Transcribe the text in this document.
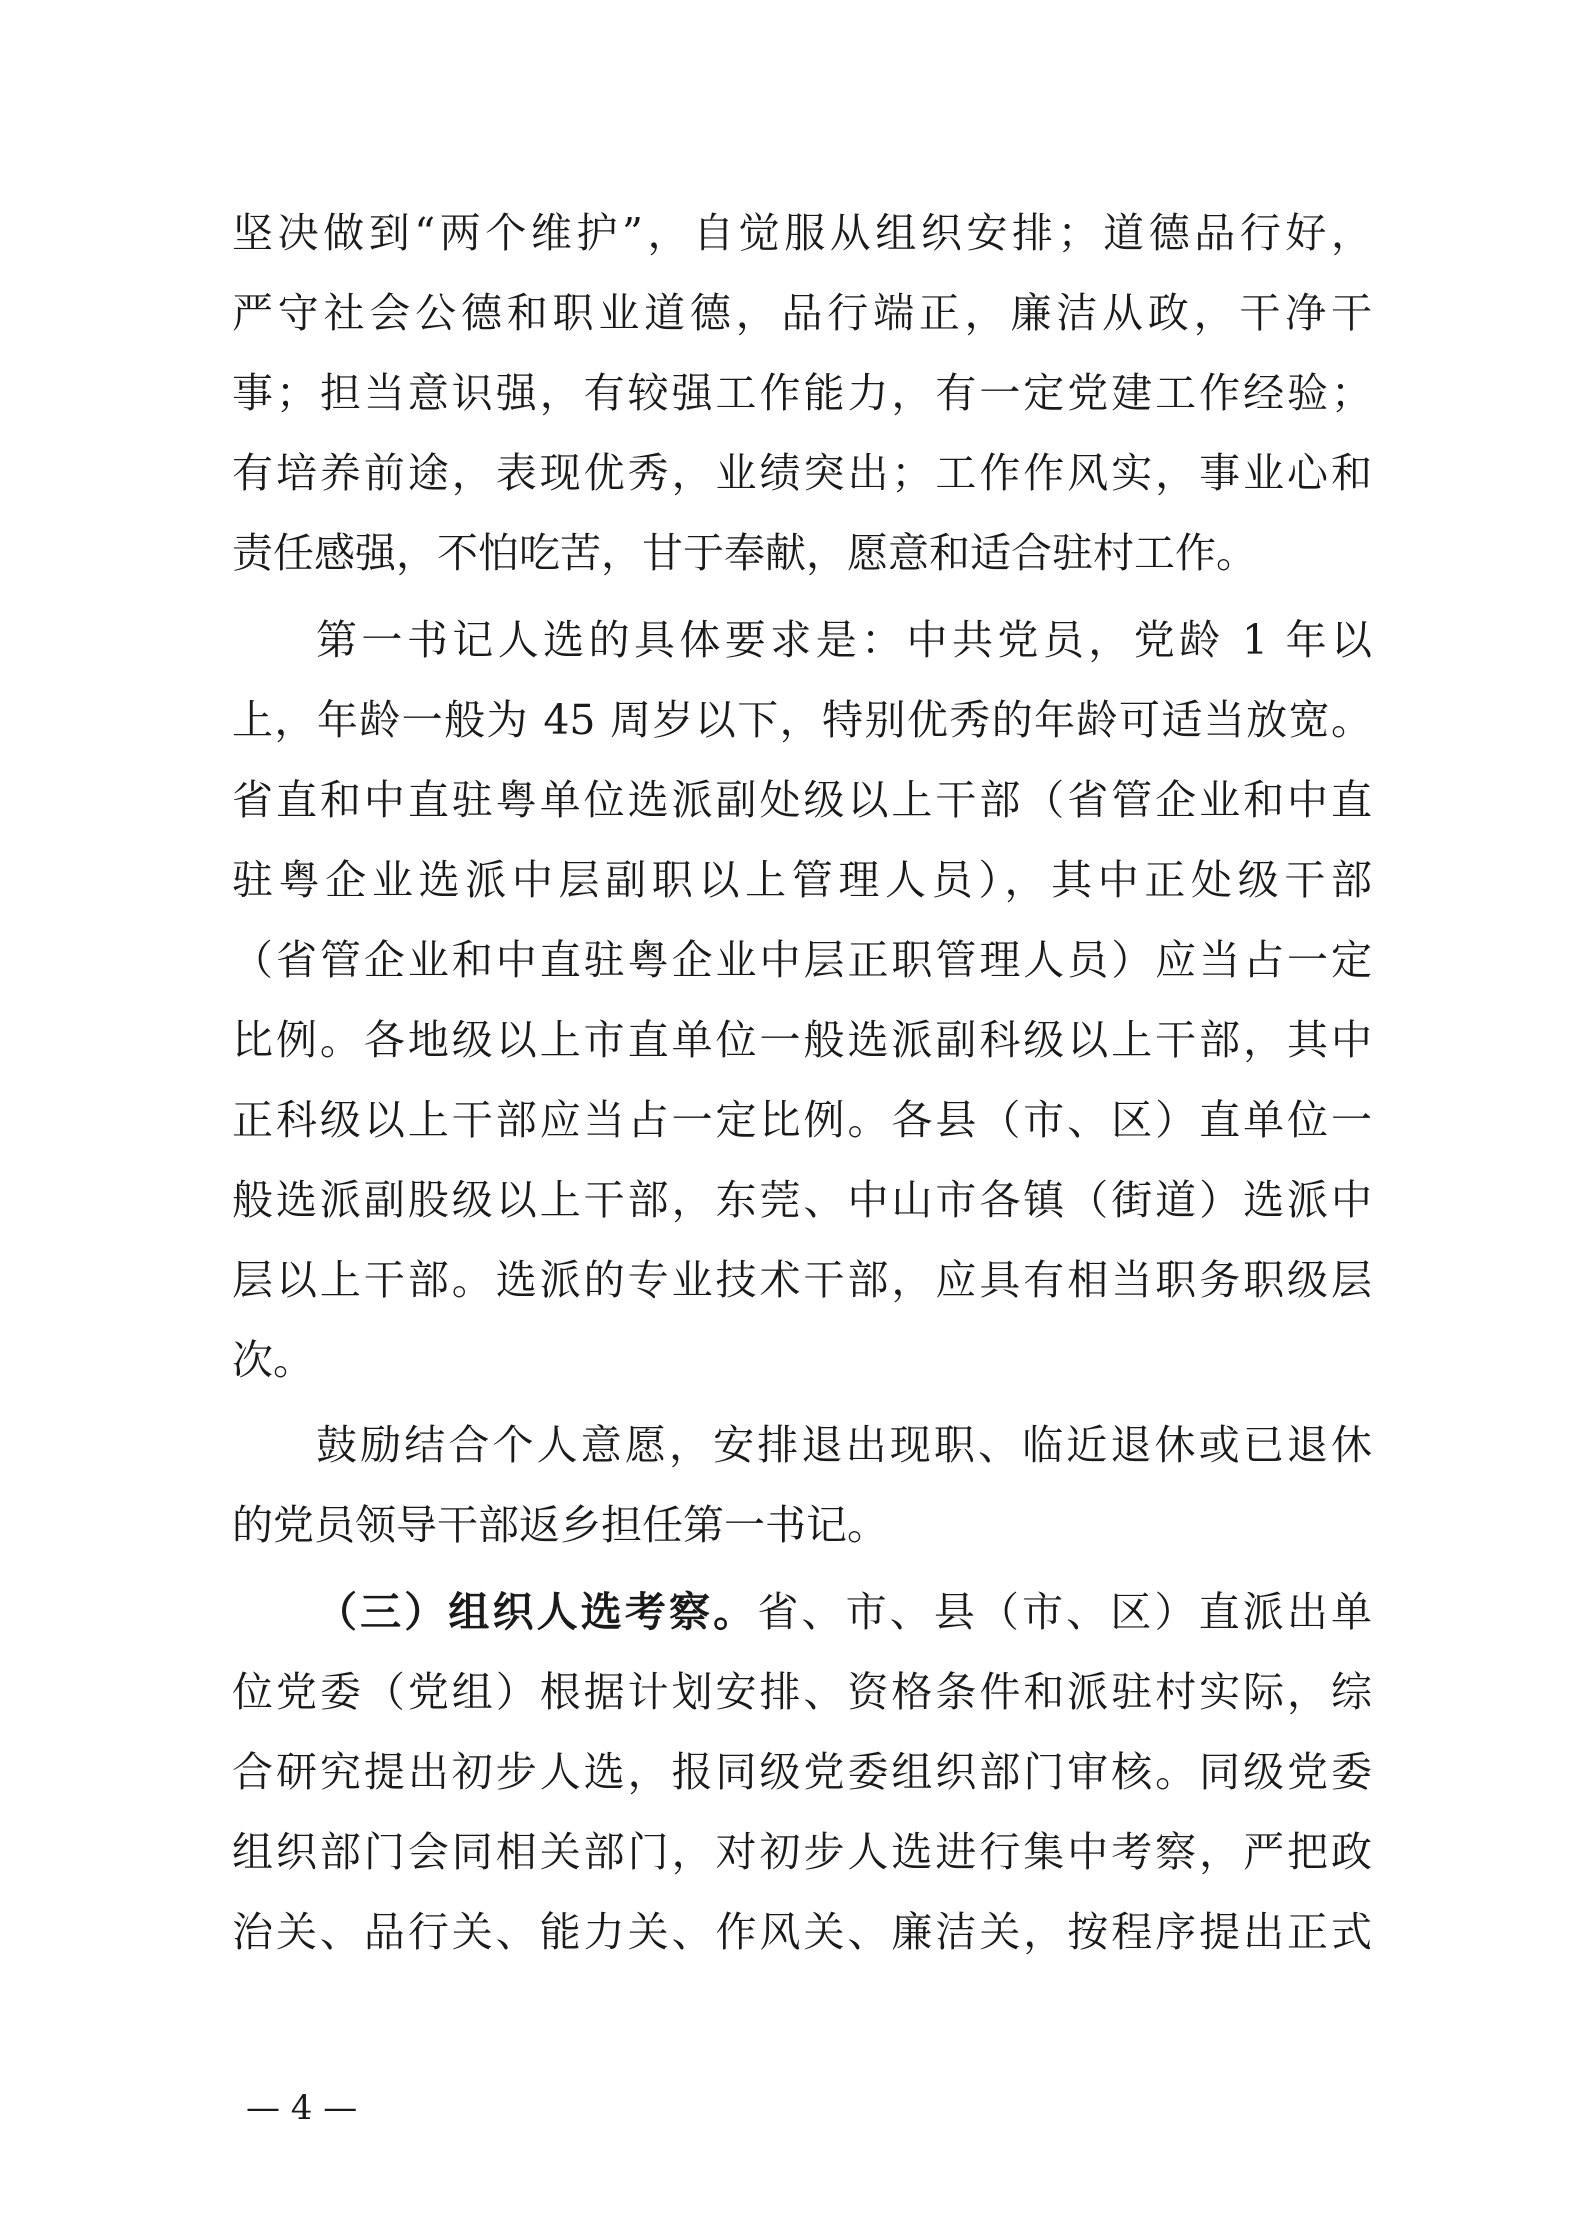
坚决做到“两个维护”，自觉服从组织安排；道德品行好，
严守社会公德和职业道德，品行端正，廉洁从政，干净干
事；担当意识强，有较强工作能力，有一定党建工作经验；
有培养前途，表现优秀，业绩突出；工作作风实，事业心和
责任感强，不怕吃苦，甘于奉献，愿意和适合驻村工作。
第一书记人选的具体要求是：中共党员，党龄 1 年以
上，年龄一般为 45 周岁以下，特别优秀的年龄可适当放宽。
省直和中直驻粤单位选派副处级以上干部（省管企业和中直
驻粤企业选派中层副职以上管理人员），其中正处级干部
（省管企业和中直驻粤企业中层正职管理人员）应当占一定
比例。各地级以上市直单位一般选派副科级以上干部，其中
正科级以上干部应当占一定比例。各县（市、区）直单位一
般选派副股级以上干部，东莞、中山市各镇（街道）选派中
层以上干部。选派的专业技术干部，应具有相当职务职级层
次。
鼓励结合个人意愿，安排退出现职、临近退休或已退休
的党员领导干部返乡担任第一书记。
（三）组织人选考察。省、市、县（市、区）直派出单
位党委（党组）根据计划安排、资格条件和派驻村实际，综
合研究提出初步人选，报同级党委组织部门审核。同级党委
组织部门会同相关部门，对初步人选进行集中考察，严把政
治关、品行关、能力关、作风关、廉洁关，按程序提出正式
— 4 —
